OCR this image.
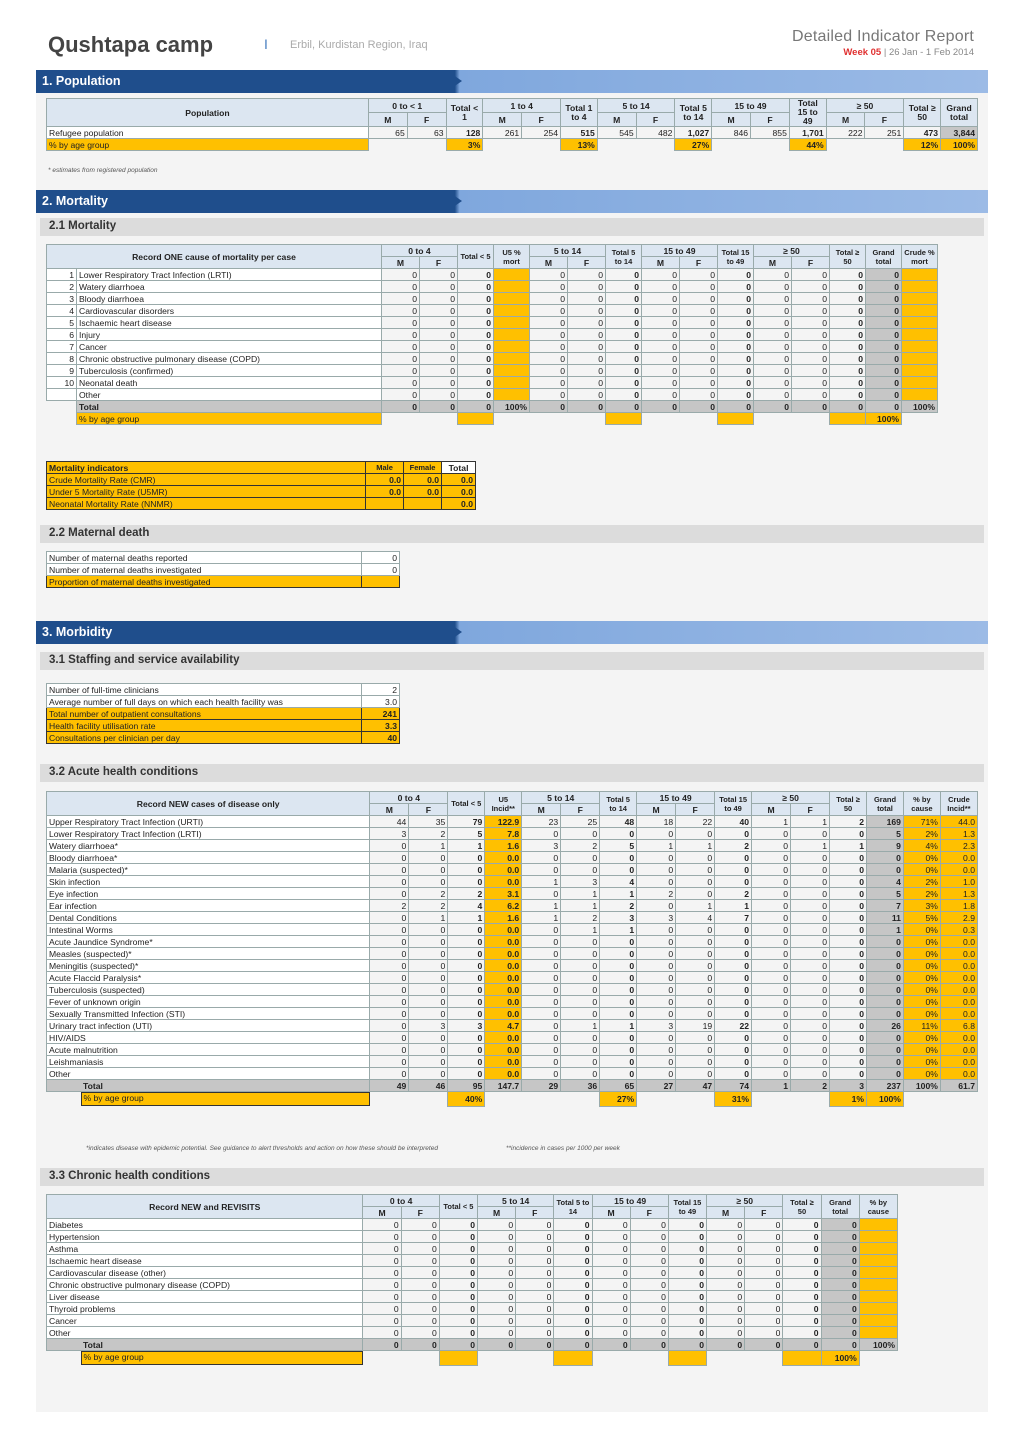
Qushtapa camp	I Erbil, Kurdistan Region, Iraq	Detailed Indicator Report
Week 05 | 26 Jan - 1 Feb 2014
1. Population
Population	0 to < 1		Total < 1	1 to 4		Total 1 to 4	5 to 14		Total 5 to 14	15 to 49		Total 15 to 49	≥ 50		Total ≥ 50	Grand total
	M	F		M	F		M	F		M	F		M	F		
Refugee population	65	63	128	261	254	515	545	482	1,027	846	855	1,701	222	251	473	3,844
% by age group			3%			13%			27%			44%			12%	100%
* estimates from registered population
2. Mortality
2.1 Mortality
Record ONE cause of mortality per case		0 to 4		Total < 5	U5 % mort	5 to 14		Total 5 to 14	15 to 49		Total 15 to 49	≥ 50		Total ≥ 50	Grand total	Crude % mort
		M	F			M	F		M	F		M	F			
1	Lower Respiratory Tract Infection (LRTI)	0	0	0		0	0	0	0	0	0	0	0	0	0	
2	Watery diarrhoea	0	0	0		0	0	0	0	0	0	0	0	0	0	
3	Bloody diarrhoea	0	0	0		0	0	0	0	0	0	0	0	0	0	
4	Cardiovascular disorders	0	0	0		0	0	0	0	0	0	0	0	0	0	
5	Ischaemic heart disease	0	0	0		0	0	0	0	0	0	0	0	0	0	
6	Injury	0	0	0		0	0	0	0	0	0	0	0	0	0	
7	Cancer	0	0	0		0	0	0	0	0	0	0	0	0	0	
8	Chronic obstructive pulmonary disease (COPD)	0	0	0		0	0	0	0	0	0	0	0	0	0	
9	Tuberculosis (confirmed)	0	0	0		0	0	0	0	0	0	0	0	0	0	
10	Neonatal death	0	0	0		0	0	0	0	0	0	0	0	0	0	
	Other	0	0	0		0	0	0	0	0	0	0	0	0	0	
	Total	0	0	0	100%	0	0	0	0	0	0	0	0	0	0	100%
	% by age group														100%	
Mortality indicators	Male	Female	Total
Crude Mortality Rate (CMR)	0.0	0.0	0.0
Under 5 Mortality Rate (U5MR)	0.0	0.0	0.0
Neonatal Mortality Rate (NNMR)			0.0
2.2 Maternal death
Number of maternal deaths reported	0
Number of maternal deaths investigated	0
Proportion of maternal deaths investigated	
3. Morbidity
3.1 Staffing and service availability
Number of full-time clinicians	2
Average number of full days on which each health facility was	3.0
Total number of outpatient consultations	241
Health facility utilisation rate	3.3
Consultations per clinician per day	40
3.2 Acute health conditions
Record NEW cases of disease only	0 to 4		Total < 5	U5 Incid**	5 to 14		Total 5 to 14	15 to 49		Total 15 to 49	≥ 50		Total ≥ 50	Grand total	% by cause	Crude Incid**
	M	F			M	F		M	F		M	F				
Upper Respiratory Tract Infection (URTI)	44	35	79	122.9	23	25	48	18	22	40	1	1	2	169	71%	44.0
Lower Respiratory Tract Infection (LRTI)	3	2	5	7.8	0	0	0	0	0	0	0	0	0	5	2%	1.3
Watery diarrhoea*	0	1	1	1.6	3	2	5	1	1	2	0	1	1	9	4%	2.3
Bloody diarrhoea*	0	0	0	0.0	0	0	0	0	0	0	0	0	0	0	0%	0.0
Malaria (suspected)*	0	0	0	0.0	0	0	0	0	0	0	0	0	0	0	0%	0.0
Skin infection	0	0	0	0.0	1	3	4	0	0	0	0	0	0	4	2%	1.0
Eye infection	0	2	2	3.1	0	1	1	2	0	2	0	0	0	5	2%	1.3
Ear infection	2	2	4	6.2	1	1	2	0	1	1	0	0	0	7	3%	1.8
Dental Conditions	0	1	1	1.6	1	2	3	3	4	7	0	0	0	11	5%	2.9
Intestinal Worms	0	0	0	0.0	0	1	1	0	0	0	0	0	0	1	0%	0.3
Acute Jaundice Syndrome*	0	0	0	0.0	0	0	0	0	0	0	0	0	0	0	0%	0.0
Measles (suspected)*	0	0	0	0.0	0	0	0	0	0	0	0	0	0	0	0%	0.0
Meningitis (suspected)*	0	0	0	0.0	0	0	0	0	0	0	0	0	0	0	0%	0.0
Acute Flaccid Paralysis*	0	0	0	0.0	0	0	0	0	0	0	0	0	0	0	0%	0.0
Tuberculosis (suspected)	0	0	0	0.0	0	0	0	0	0	0	0	0	0	0	0%	0.0
Fever of unknown origin	0	0	0	0.0	0	0	0	0	0	0	0	0	0	0	0%	0.0
Sexually Transmitted Infection (STI)	0	0	0	0.0	0	0	0	0	0	0	0	0	0	0	0%	0.0
Urinary tract infection (UTI)	0	3	3	4.7	0	1	1	3	19	22	0	0	0	26	11%	6.8
HIV/AIDS	0	0	0	0.0	0	0	0	0	0	0	0	0	0	0	0%	0.0
Acute malnutrition	0	0	0	0.0	0	0	0	0	0	0	0	0	0	0	0%	0.0
Leishmaniasis	0	0	0	0.0	0	0	0	0	0	0	0	0	0	0	0%	0.0
Other	0	0	0	0.0	0	0	0	0	0	0	0	0	0	0	0%	0.0
Total	49	46	95	147.7	29	36	65	27	47	74	1	2	3	237	100%	61.7

% by age group			40%				27%			31%			1%	100%		
*indicates disease with epidemic potential. See guidance to alert thresholds and action on how these should be interpreted	**incidence in cases per 1000 per week
3.3 Chronic health conditions
Record NEW and REVISITS	0 to 4		Total < 5	5 to 14		Total 5 to 14	15 to 49		Total 15 to 49	≥ 50		Total ≥ 50	Grand total	% by cause
	M	F		M	F		M	F		M	F			
Diabetes	0	0	0	0	0	0	0	0	0	0	0	0	0	
Hypertension	0	0	0	0	0	0	0	0	0	0	0	0	0	
Asthma	0	0	0	0	0	0	0	0	0	0	0	0	0	
Ischaemic heart disease	0	0	0	0	0	0	0	0	0	0	0	0	0	
Cardiovascular disease (other)	0	0	0	0	0	0	0	0	0	0	0	0	0	
Chronic obstructive pulmonary disease (COPD)	0	0	0	0	0	0	0	0	0	0	0	0	0	
Liver disease	0	0	0	0	0	0	0	0	0	0	0	0	0	
Thyroid problems	0	0	0	0	0	0	0	0	0	0	0	0	0	
Cancer	0	0	0	0	0	0	0	0	0	0	0	0	0	
Other	0	0	0	0	0	0	0	0	0	0	0	0	0	
Total	0	0	0	0	0	0	0	0	0	0	0	0	0	100%

% by age group													100%	
